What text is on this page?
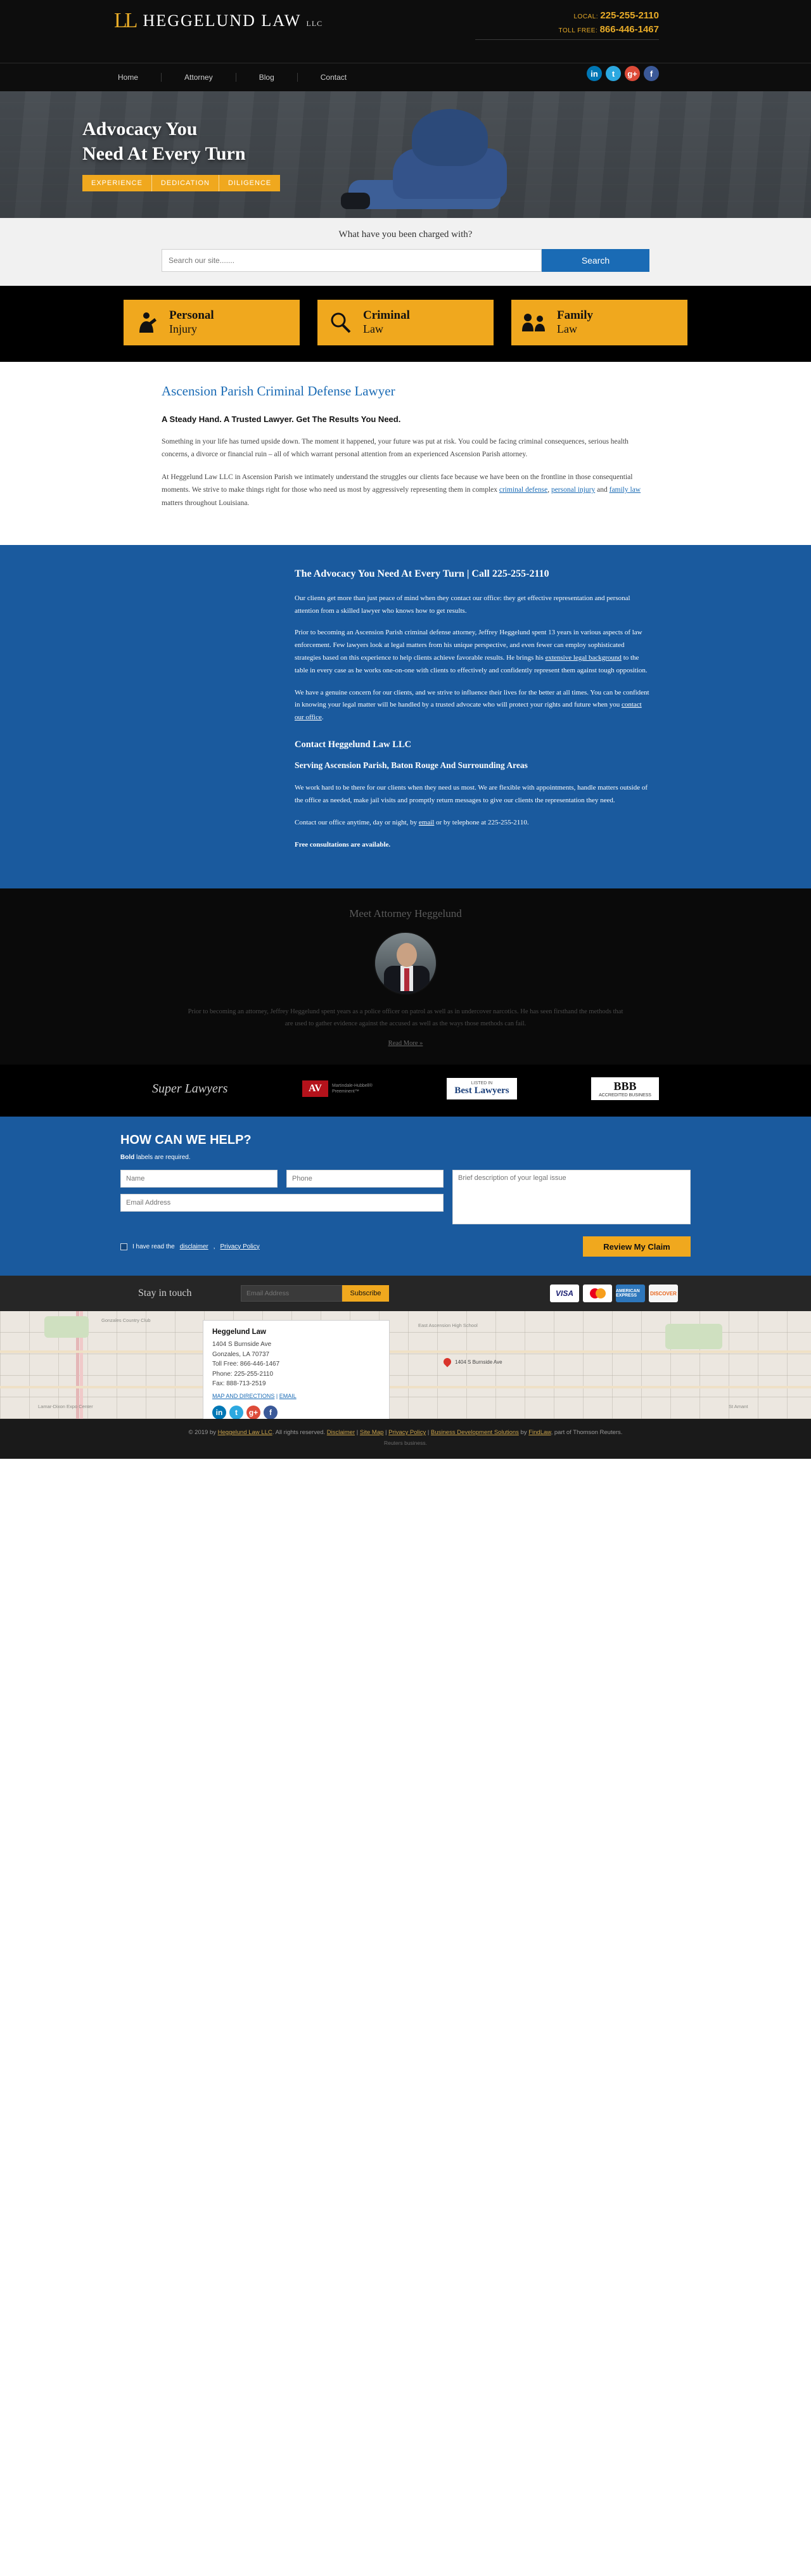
LL HEGGELUND LAW LLC
LOCAL: 225-255-2110
TOLL FREE: 866-446-1467
Home	Attorney	Blog	Contact	in	t	g+	f
Advocacy You
Need At Every Turn
EXPERIENCE	DEDICATION	DILIGENCE
What have you been charged with?
Search our site.......
Search
Personal
Injury
Criminal
Law
Family
Law
Ascension Parish Criminal Defense Lawyer
A Steady Hand. A Trusted Lawyer. Get The Results You Need.

Something in your life has turned upside down. The moment it happened, your future was put at risk. You could be facing criminal consequences, serious health concerns, a divorce or financial ruin – all of which warrant personal attention from an experienced Ascension Parish attorney.

At Heggelund Law LLC in Ascension Parish we intimately understand the struggles our clients face because we have been on the frontline in those consequential moments. We strive to make things right for those who need us most by aggressively representing them in complex criminal defense, personal injury and family law matters throughout Louisiana.

The Advocacy You Need At Every Turn | Call 225-255-2110

Our clients get more than just peace of mind when they contact our office: they get effective representation and personal attention from a skilled lawyer who knows how to get results.

Prior to becoming an Ascension Parish criminal defense attorney, Jeffrey Heggelund spent 13 years in various aspects of law enforcement. Few lawyers look at legal matters from his unique perspective, and even fewer can employ sophisticated strategies based on this experience to help clients achieve favorable results. He brings his extensive legal background to the table in every case as he works one-on-one with clients to effectively and confidently represent them against tough opposition.

We have a genuine concern for our clients, and we strive to influence their lives for the better at all times. You can be confident in knowing your legal matter will be handled by a trusted advocate who will protect your rights and future when you contact our office.

Contact Heggelund Law LLC
Serving Ascension Parish, Baton Rouge And Surrounding Areas

We work hard to be there for our clients when they need us most. We are flexible with appointments, handle matters outside of the office as needed, make jail visits and promptly return messages to give our clients the representation they need.

Contact our office anytime, day or night, by email or by telephone at 225-255-2110.

Free consultations are available.

Meet Attorney Heggelund

Prior to becoming an attorney, Jeffrey Heggelund spent years as a police officer on patrol as well as in undercover narcotics. He has seen firsthand the methods that are used to gather evidence against the accused as well as the ways those methods can fail.

Read More »
Super Lawyers	AV	Martindale-Hubbell®
Preeminent™
LISTED IN
Best Lawyers	BBB
ACCREDITED BUSINESS
HOW CAN WE HELP?
Bold labels are required.
Name
Phone
Email Address
Brief description of your legal issue
I have read the disclaimer , Privacy Policy	Review My Claim
Stay in touch
Email Address	Subscribe	VISA	AMERICAN EXPRESS	DISCOVER
Gonzales Country Club
East Ascension High School
Lamar-Dixon Expo Center	St Amant
1404 S Burnside Ave
Heggelund Law

1404 S Burnside Ave

Gonzales, LA 70737

Toll Free: 866-446-1467

Phone: 225-255-2110

Fax: 888-713-2519

MAP AND DIRECTIONS | EMAIL
in	t	g+	f
© 2019 by Heggelund Law LLC. All rights reserved. Disclaimer | Site Map | Privacy Policy | Business Development Solutions by FindLaw, part of Thomson Reuters.
Reuters business.
